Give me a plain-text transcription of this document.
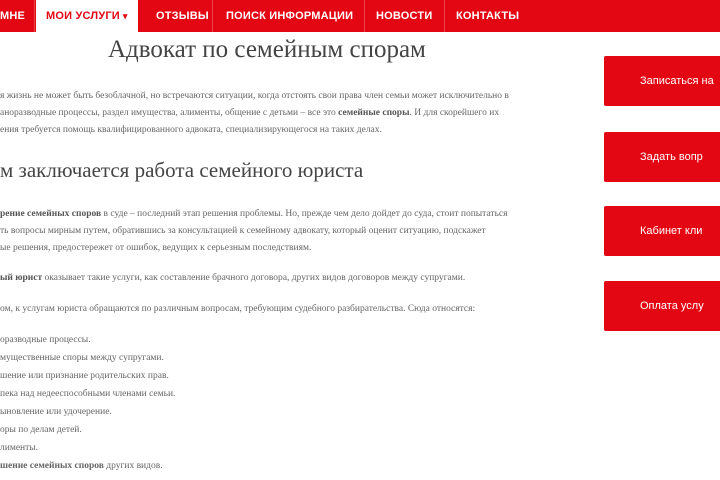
МНЕ	МОИ УСЛУГИ ▾	ОТЗЫВЫ ПОИСК ИНФОРМАЦИИ НОВОСТИ КОНТАКТЫ
Адвокат по семейным спорам

я жизнь не может быть безоблачной, но встречаются ситуации, когда отстоять свои права член семьи может исключительно в

аноразводные процессы, раздел имущества, алименты, общение с детьми – все это семейные споры. И для скорейшего их

ения требуется помощь квалифицированного адвоката, специализирующегося на таких делах.

м заключается работа семейного юриста

рение семейных споров в суде – последний этап решения проблемы. Но, прежде чем дело дойдет до суда, стоит попытаться

ть вопросы мирным путем, обратившись за консультацией к семейному адвокату, который оценит ситуацию, подскажет

ые решения, предостережет от ошибок, ведущих к серьезным последствиям.

ый юрист оказывает такие услуги, как составление брачного договора, других видов договоров между супругами.

ом, к услугам юриста обращаются по различным вопросам, требующим судебного разбирательства. Сюда относятся:

оразводные процессы.

мущественные споры между супругами.

шение или признание родительских прав.

пека над недееспособными членами семьи.

ыновление или удочерение.

оры по делам детей.

лименты.

шение семейных споров других видов.

Записаться на
Задать вопр
Кабинет кли
Оплата услу
